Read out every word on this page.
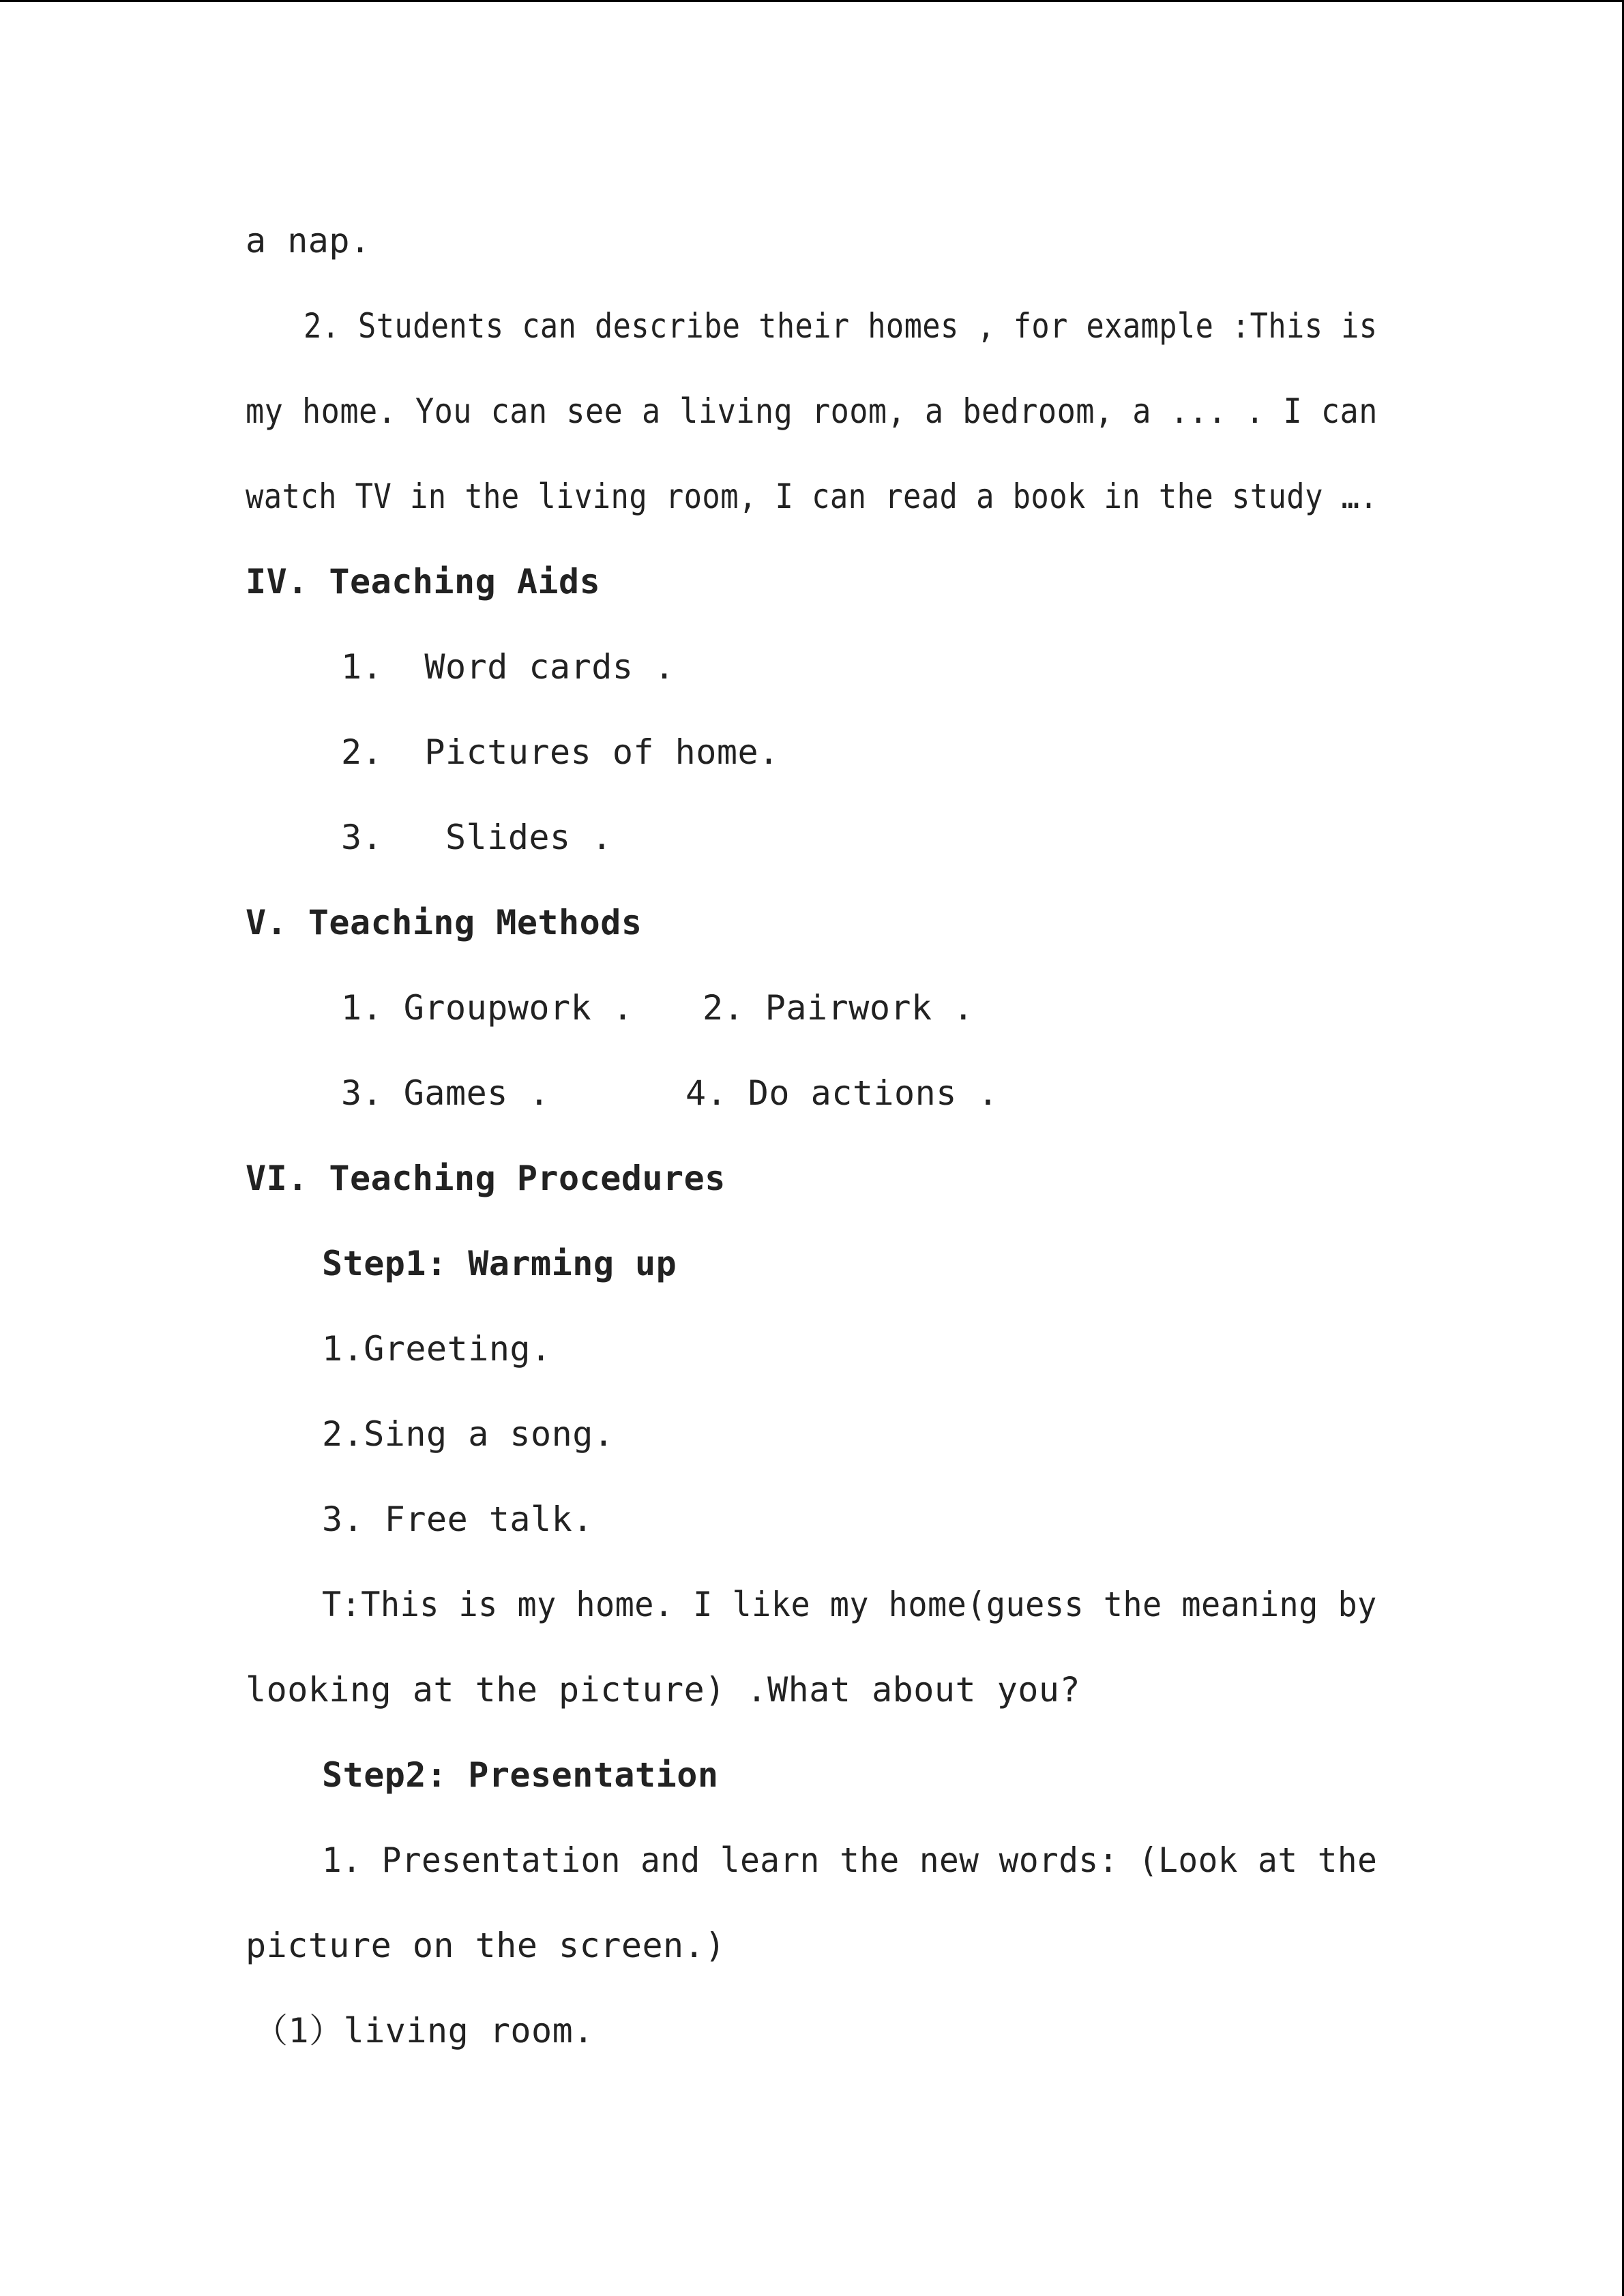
a nap.
2. Students can describe their homes , for example :This is
my home. You can see a living room, a bedroom, a ... . I can
watch TV in the living room, I can read a book in the study ….
IV. Teaching Aids
1.  Word cards .
2.  Pictures of home.
3.   Slides .
V. Teaching Methods
1. Groupwork . 2. Pairwork .
3. Games .	4. Do actions .
VI. Teaching Procedures
Step1: Warming up
1.Greeting.
2.Sing a song.
3. Free talk.
T:This is my home. I like my home(guess the meaning by
looking at the picture) .What about you?
Step2: Presentation
1. Presentation and learn the new words: (Look at the
picture on the screen.)
（1）living room.
